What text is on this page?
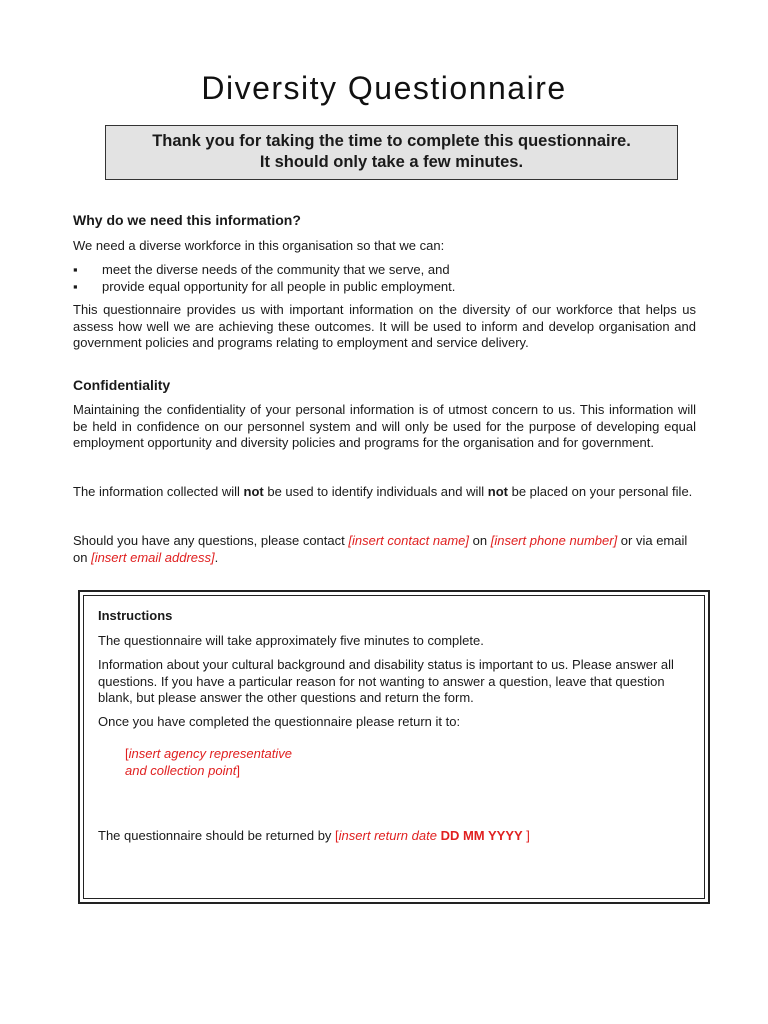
Diversity Questionnaire
Thank you for taking the time to complete this questionnaire.
It should only take a few minutes.
Why do we need this information?
We need a diverse workforce in this organisation so that we can:
▪ meet the diverse needs of the community that we serve, and
▪ provide equal opportunity for all people in public employment.
This questionnaire provides us with important information on the diversity of our workforce that helps us assess how well we are achieving these outcomes. It will be used to inform and develop organisation and government policies and programs relating to employment and service delivery.
Confidentiality
Maintaining the confidentiality of your personal information is of utmost concern to us. This information will be held in confidence on our personnel system and will only be used for the purpose of developing equal employment opportunity and diversity policies and programs for the organisation and for government.
The information collected will not be used to identify individuals and will not be placed on your personal file.
Should you have any questions, please contact [insert contact name] on [insert phone number] or via email on [insert email address].
Instructions
The questionnaire will take approximately five minutes to complete.
Information about your cultural background and disability status is important to us. Please answer all questions. If you have a particular reason for not wanting to answer a question, leave that question blank, but please answer the other questions and return the form.
Once you have completed the questionnaire please return it to:
[insert agency representative
and collection point]
The questionnaire should be returned by [insert return date DD MM YYYY ]
